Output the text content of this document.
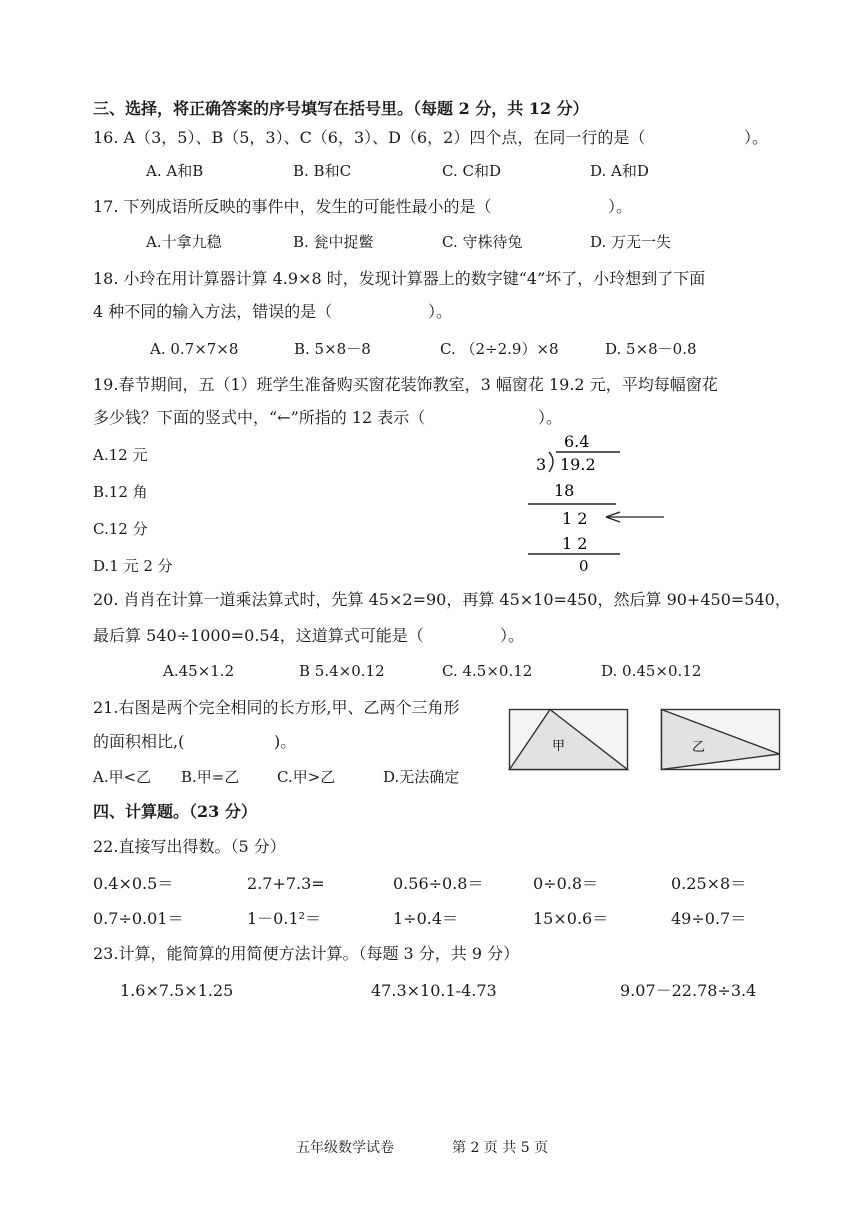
三、选择，将正确答案的序号填写在括号里。（每题 2 分，共 12 分）
16. A（3，5）、B（5，3）、C（6，3）、D（6，2）四个点，在同一行的是（	）。
A. A和B	B. B和C	C. C和D	D. A和D
17. 下列成语所反映的事件中，发生的可能性最小的是（	）。
A.十拿九稳	B. 瓮中捉鳖	C. 守株待兔	D. 万无一失
18. 小玲在用计算器计算 4.9×8 时，发现计算器上的数字键“4”坏了，小玲想到了下面
4 种不同的输入方法，错误的是（	）。
A. 0.7×7×8	B. 5×8－8	C. （2÷2.9）×8	D. 5×8－0.8
19.春节期间，五（1）班学生准备购买窗花装饰教室，3 幅窗花 19.2 元，平均每幅窗花
多少钱？下面的竖式中，“←”所指的 12 表示（	）。
A.12 元
B.12 角
C.12 分
D.1 元 2 分
6.4
3 19.2
18
1 2
1 2
0
20. 肖肖在计算一道乘法算式时，先算 45×2=90，再算 45×10=450，然后算 90+450=540，
最后算 540÷1000=0.54，这道算式可能是（	）。
A.45×1.2	B 5.4×0.12	C. 4.5×0.12	D. 0.45×0.12
21.右图是两个完全相同的长方形,甲、乙两个三角形
的面积相比,(	)。
A.甲<乙 B.甲=乙	C.甲>乙	D.无法确定
甲	乙
四、计算题。（23 分）
22.直接写出得数。（5 分）
0.4×0.5＝	2.7+7.3=	0.56÷0.8＝	0÷0.8＝	0.25×8＝
0.7÷0.01＝	1－0.1²＝	1÷0.4＝	15×0.6＝	49÷0.7＝
23.计算，能简算的用简便方法计算。（每题 3 分，共 9 分）
1.6×7.5×1.25	47.3×10.1-4.73	9.07－22.78÷3.4
五年级数学试卷	第 2 页 共 5 页
